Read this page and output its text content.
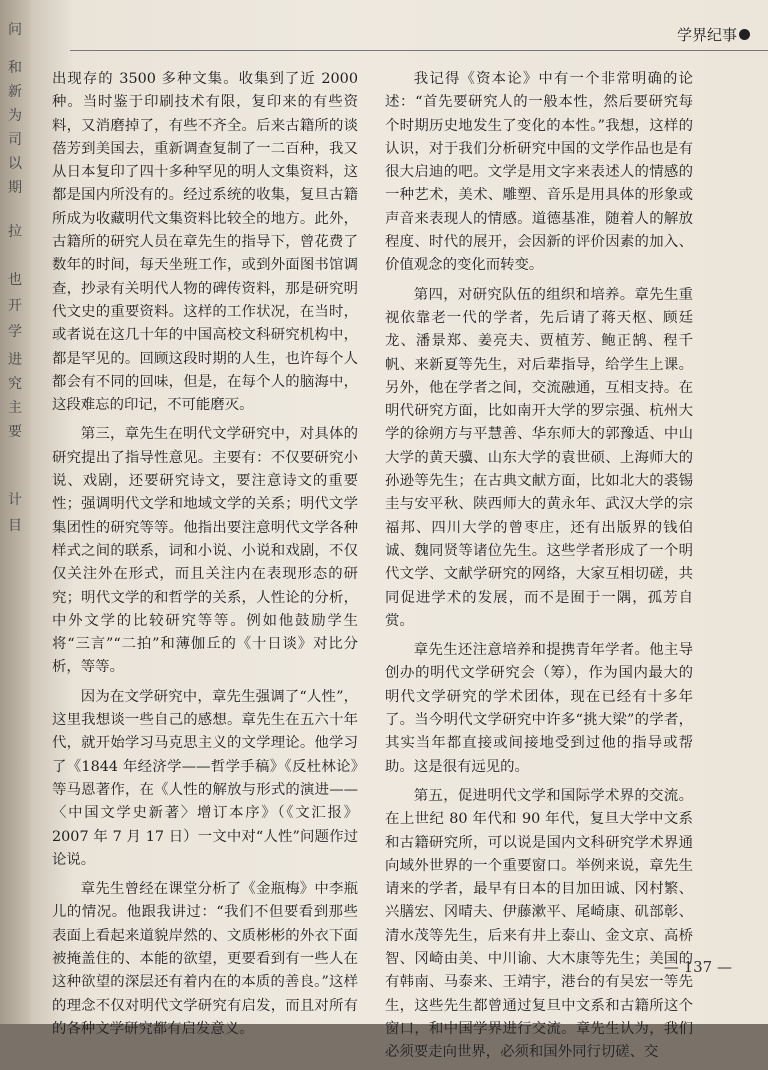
问
和
新
为
司
以
期
拉
也
开
学
进
究
主
要
计
目
学界纪事

出现存的 3500 多种文集。收集到了近 2000 种。当时鉴于印刷技术有限，复印来的有些资料，又消磨掉了，有些不齐全。后来古籍所的谈蓓芳到美国去，重新调查复制了一二百种，我又从日本复印了四十多种罕见的明人文集资料，这都是国内所没有的。经过系统的收集，复旦古籍所成为收藏明代文集资料比较全的地方。此外，古籍所的研究人员在章先生的指导下，曾花费了数年的时间，每天坐班工作，或到外面图书馆调查，抄录有关明代人物的碑传资料，那是研究明代文史的重要资料。这样的工作状况，在当时，或者说在这几十年的中国高校文科研究机构中，都是罕见的。回顾这段时期的人生，也许每个人都会有不同的回味，但是，在每个人的脑海中，这段难忘的印记，不可能磨灭。

第三，章先生在明代文学研究中，对具体的研究提出了指导性意见。主要有：不仅要研究小说、戏剧，还要研究诗文，要注意诗文的重要性；强调明代文学和地域文学的关系；明代文学集团性的研究等等。他指出要注意明代文学各种样式之间的联系，词和小说、小说和戏剧，不仅仅关注外在形式，而且关注内在表现形态的研究；明代文学的和哲学的关系，人性论的分析，中外文学的比较研究等等。例如他鼓励学生将“三言”“二拍”和薄伽丘的《十日谈》对比分析，等等。

因为在文学研究中，章先生强调了“人性”，这里我想谈一些自己的感想。章先生在五六十年代，就开始学习马克思主义的文学理论。他学习了《1844 年经济学——哲学手稿》《反杜林论》等马恩著作，在《人性的解放与形式的演进——〈中国文学史新著〉增订本序》（《文汇报》2007 年 7 月 17 日）一文中对“人性”问题作过论说。

章先生曾经在课堂分析了《金瓶梅》中李瓶儿的情况。他跟我讲过：“我们不但要看到那些表面上看起来道貌岸然的、文质彬彬的外衣下面被掩盖住的、本能的欲望，更要看到有一些人在这种欲望的深层还有着内在的本质的善良。”这样的理念不仅对明代文学研究有启发，而且对所有的各种文学研究都有启发意义。

我记得《资本论》中有一个非常明确的论述：“首先要研究人的一般本性，然后要研究每个时期历史地发生了变化的本性。”我想，这样的认识，对于我们分析研究中国的文学作品也是有很大启迪的吧。文学是用文字来表述人的情感的一种艺术，美术、雕塑、音乐是用具体的形象或声音来表现人的情感。道德基准，随着人的解放程度、时代的展开，会因新的评价因素的加入、价值观念的变化而转变。

第四，对研究队伍的组织和培养。章先生重视依靠老一代的学者，先后请了蒋天枢、顾廷龙、潘景郑、姜亮夫、贾植芳、鲍正鹄、程千帆、来新夏等先生，对后辈指导，给学生上课。另外，他在学者之间，交流融通，互相支持。在明代研究方面，比如南开大学的罗宗强、杭州大学的徐朔方与平慧善、华东师大的郭豫适、中山大学的黄天骥、山东大学的袁世硕、上海师大的孙逊等先生；在古典文献方面，比如北大的裘锡圭与安平秋、陕西师大的黄永年、武汉大学的宗福邦、四川大学的曾枣庄，还有出版界的钱伯诚、魏同贤等诸位先生。这些学者形成了一个明代文学、文献学研究的网络，大家互相切磋，共同促进学术的发展，而不是囿于一隅，孤芳自赏。

章先生还注意培养和提携青年学者。他主导创办的明代文学研究会（筹），作为国内最大的明代文学研究的学术团体，现在已经有十多年了。当今明代文学研究中许多“挑大梁”的学者，其实当年都直接或间接地受到过他的指导或帮助。这是很有远见的。

第五，促进明代文学和国际学术界的交流。在上世纪 80 年代和 90 年代，复旦大学中文系和古籍研究所，可以说是国内文科研究学术界通向域外世界的一个重要窗口。举例来说，章先生请来的学者，最早有日本的目加田诚、冈村繁、兴膳宏、冈晴夫、伊藤漱平、尾崎康、矶部彰、清水茂等先生，后来有井上泰山、金文京、高桥智、冈崎由美、中川谕、大木康等先生；美国的有韩南、马泰来、王靖宇，港台的有吴宏一等先生，这些先生都曾通过复旦中文系和古籍所这个窗口，和中国学界进行交流。章先生认为，我们必须要走向世界，必须和国外同行切磋、交

— 137 —
